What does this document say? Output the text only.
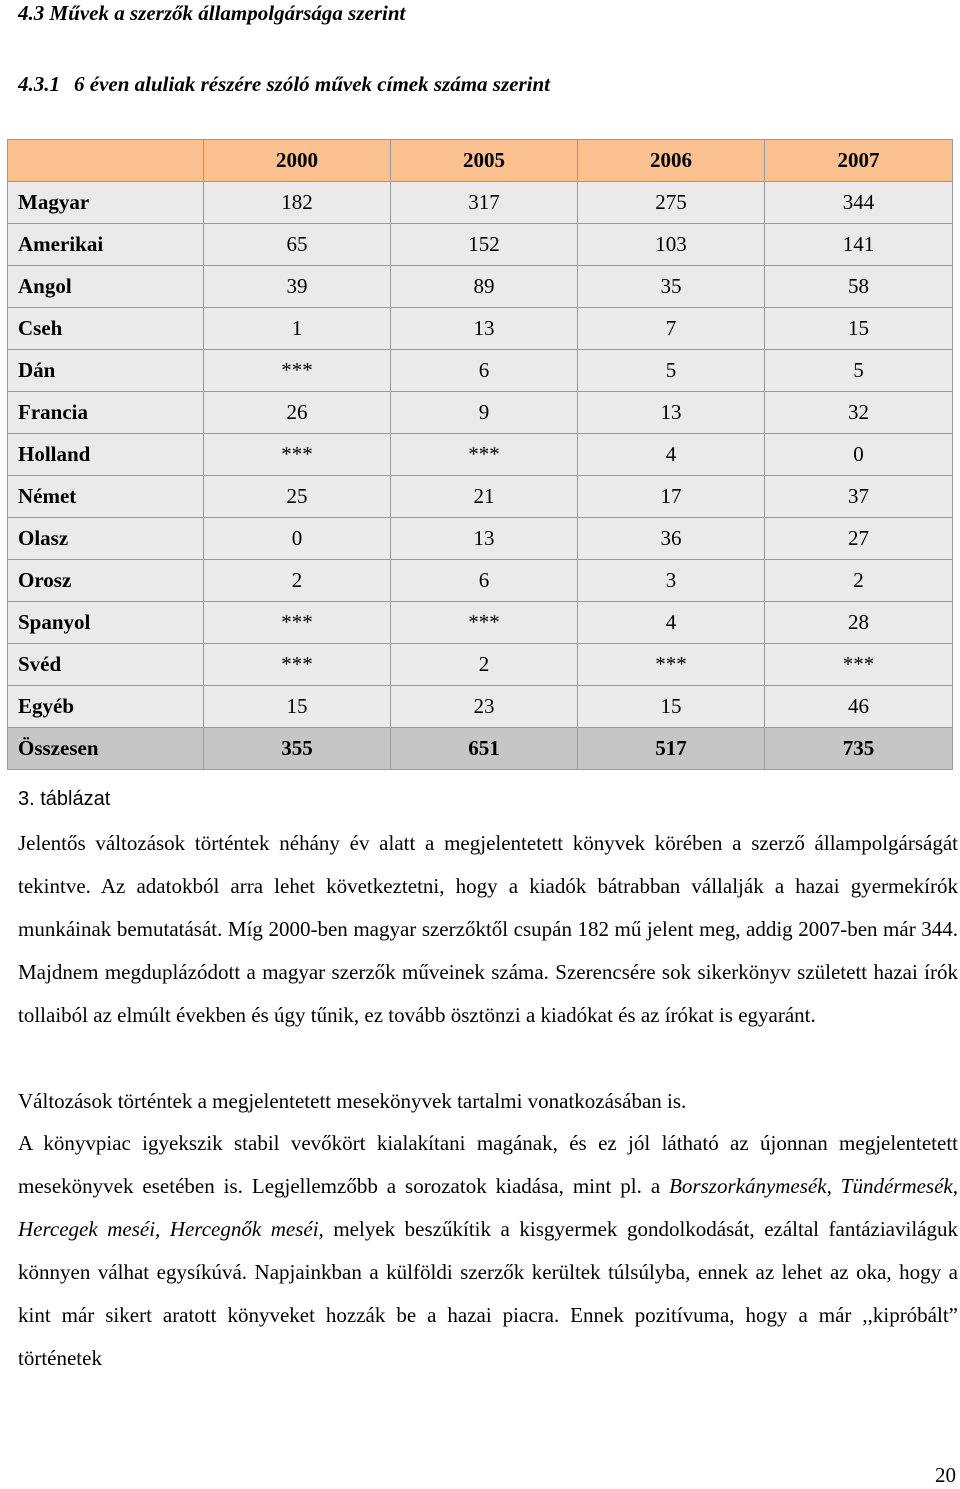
4.3 Művek a szerzők állampolgársága szerint
4.3.1 6 éven aluliak részére szóló művek címek száma szerint
	2000	2005	2006	2007
Magyar	182	317	275	344
Amerikai	65	152	103	141
Angol	39	89	35	58
Cseh	1	13	7	15
Dán	***	6	5	5
Francia	26	9	13	32
Holland	***	***	4	0
Német	25	21	17	37
Olasz	0	13	36	27
Orosz	2	6	3	2
Spanyol	***	***	4	28
Svéd	***	2	***	***
Egyéb	15	23	15	46
Összesen	355	651	517	735
3. táblázat
Jelentős változások történtek néhány év alatt a megjelentetett könyvek körében a szerző állampolgárságát tekintve. Az adatokból arra lehet következtetni, hogy a kiadók bátrabban vállalják a hazai gyermekírók munkáinak bemutatását. Míg 2000-ben magyar szerzőktől csupán 182 mű jelent meg, addig 2007-ben már 344. Majdnem megduplázódott a magyar szerzők műveinek száma. Szerencsére sok sikerkönyv született hazai írók tollaiból az elmúlt években és úgy tűnik, ez tovább ösztönzi a kiadókat és az írókat is egyaránt.
Változások történtek a megjelentetett mesekönyvek tartalmi vonatkozásában is.
A könyvpiac igyekszik stabil vevőkört kialakítani magának, és ez jól látható az újonnan megjelentetett mesekönyvek esetében is. Legjellemzőbb a sorozatok kiadása, mint pl. a Borszorkánymesék, Tündérmesék, Hercegek meséi, Hercegnők meséi, melyek beszűkítik a kisgyermek gondolkodását, ezáltal fantáziaviláguk könnyen válhat egysíkúvá. Napjainkban a külföldi szerzők kerültek túlsúlyba, ennek az lehet az oka, hogy a kint már sikert aratott könyveket hozzák be a hazai piacra. Ennek pozitívuma, hogy a már ,,kipróbált” történetek
20
